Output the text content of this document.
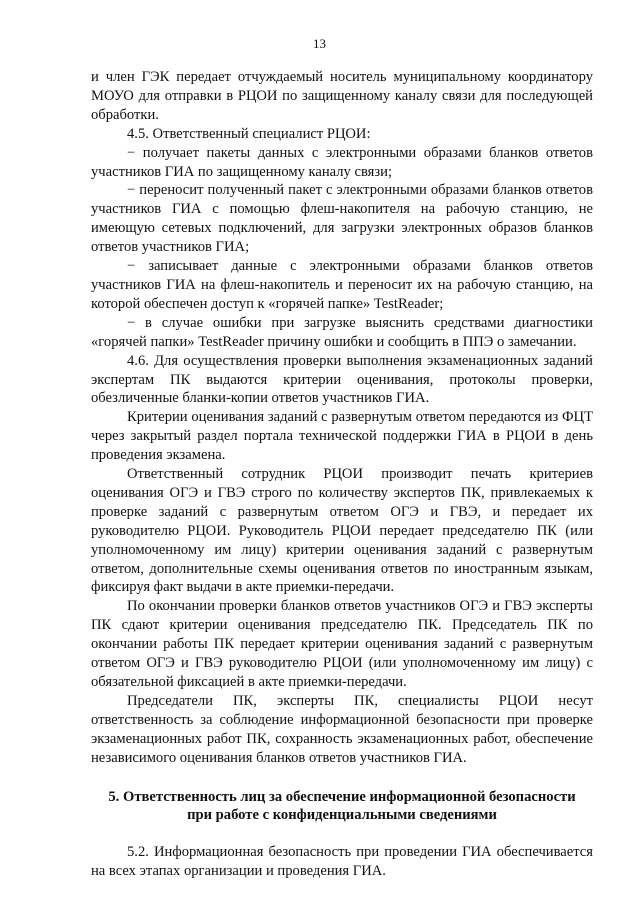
13

и член ГЭК передает отчуждаемый носитель муниципальному координатору МОУО для отправки в РЦОИ по защищенному каналу связи для последующей обработки.

4.5. Ответственный специалист РЦОИ:

− получает пакеты данных с электронными образами бланков ответов участников ГИА по защищенному каналу связи;

− переносит полученный пакет с электронными образами бланков ответов участников ГИА с помощью флеш-накопителя на рабочую станцию, не имеющую сетевых подключений, для загрузки электронных образов бланков ответов участников ГИА;

− записывает данные с электронными образами бланков ответов участников ГИА на флеш-накопитель и переносит их на рабочую станцию, на которой обеспечен доступ к «горячей папке» TestReader;

− в случае ошибки при загрузке выяснить средствами диагностики «горячей папки» TestReader причину ошибки и сообщить в ППЭ о замечании.

4.6. Для осуществления проверки выполнения экзаменационных заданий экспертам ПК выдаются критерии оценивания, протоколы проверки, обезличенные бланки-копии ответов участников ГИА.

Критерии оценивания заданий с развернутым ответом передаются из ФЦТ через закрытый раздел портала технической поддержки ГИА в РЦОИ в день проведения экзамена.

Ответственный сотрудник РЦОИ производит печать критериев оценивания ОГЭ и ГВЭ строго по количеству экспертов ПК, привлекаемых к проверке заданий с развернутым ответом ОГЭ и ГВЭ, и передает их руководителю РЦОИ. Руководитель РЦОИ передает председателю ПК (или уполномоченному им лицу) критерии оценивания заданий с развернутым ответом, дополнительные схемы оценивания ответов по иностранным языкам, фиксируя факт выдачи в акте приемки-передачи.

По окончании проверки бланков ответов участников ОГЭ и ГВЭ эксперты ПК сдают критерии оценивания председателю ПК. Председатель ПК по окончании работы ПК передает критерии оценивания заданий с развернутым ответом ОГЭ и ГВЭ руководителю РЦОИ (или уполномоченному им лицу) с обязательной фиксацией в акте приемки-передачи.

Председатели ПК, эксперты ПК, специалисты РЦОИ несут ответственность за соблюдение информационной безопасности при проверке экзаменационных работ ПК, сохранность экзаменационных работ, обеспечение независимого оценивания бланков ответов участников ГИА.

5. Ответственность лиц за обеспечение информационной безопасности
при работе с конфиденциальными сведениями

5.2. Информационная безопасность при проведении ГИА обеспечивается на всех этапах организации и проведения ГИА.
